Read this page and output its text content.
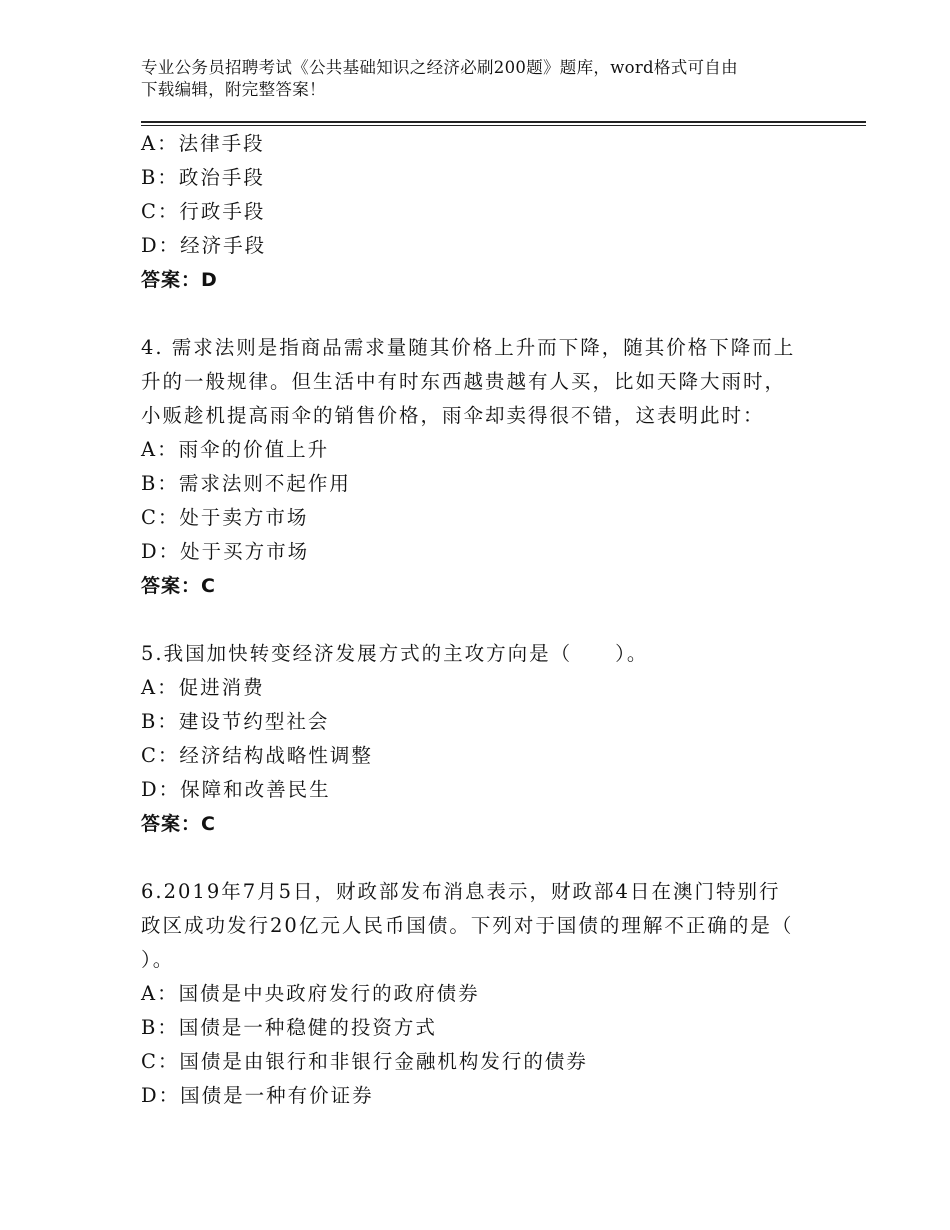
专业公务员招聘考试《公共基础知识之经济必刷200题》题库，word格式可自由
下载编辑，附完整答案！
A：法律手段
B：政治手段
C：行政手段
D：经济手段
答案：D
4. 需求法则是指商品需求量随其价格上升而下降，随其价格下降而上
升的一般规律。但生活中有时东西越贵越有人买，比如天降大雨时，
小贩趁机提高雨伞的销售价格，雨伞却卖得很不错，这表明此时：
A：雨伞的价值上升
B：需求法则不起作用
C：处于卖方市场
D：处于买方市场
答案：C
5.我国加快转变经济发展方式的主攻方向是（　　）。
A：促进消费
B：建设节约型社会
C：经济结构战略性调整
D：保障和改善民生
答案：C
6.2019年7月5日，财政部发布消息表示，财政部4日在澳门特别行
政区成功发行20亿元人民币国债。下列对于国债的理解不正确的是（
）。
A：国债是中央政府发行的政府债券
B：国债是一种稳健的投资方式
C：国债是由银行和非银行金融机构发行的债券
D：国债是一种有价证券
